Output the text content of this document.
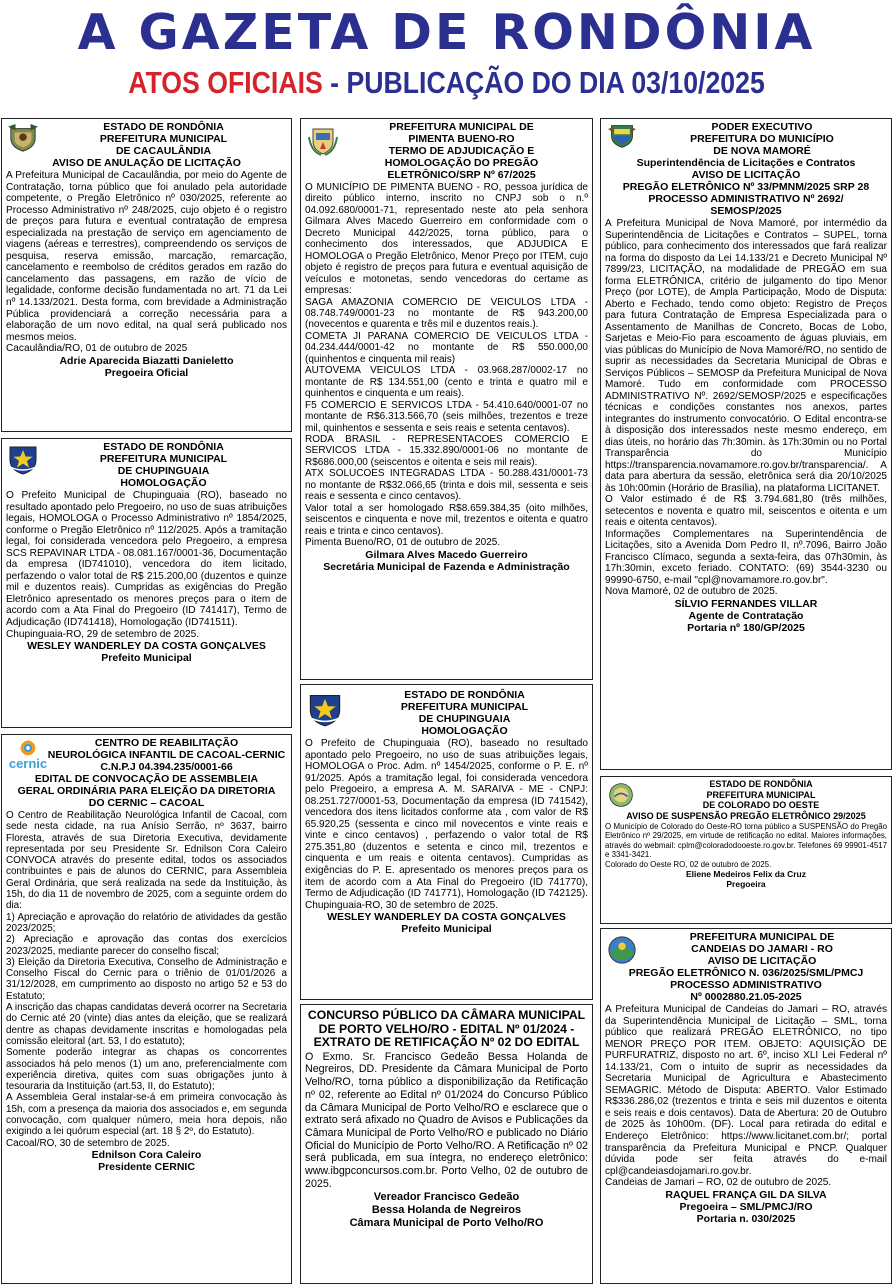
A GAZETA DE RONDÔNIA
ATOS OFICIAIS - PUBLICAÇÃO DO DIA 03/10/2025
ESTADO DE RONDÔNIA
PREFEITURA MUNICIPAL
DE CACAULÂNDIA
AVISO DE ANULAÇÃO DE LICITAÇÃO

A Prefeitura Municipal de Cacaulândia, por meio do Agente de Contratação, torna público que foi anulado pela autoridade competente, o Pregão Eletrônico nº 030/2025, referente ao Processo Administrativo nº 248/2025, cujo objeto é o registro de preços para futura e eventual contratação de empresa especializada na prestação de serviço em agenciamento de viagens (aéreas e terrestres), compreendendo os serviços de pesquisa, reserva emissão, marcação, remarcação, cancelamento e reembolso de créditos gerados em razão do cancelamento das passagens, em razão de vício de legalidade, conforme decisão fundamentada no art. 71 da Lei nº 14.133/2021. Desta forma, com brevidade a Administração Pública providenciará a correção necessária para a elaboração de um novo edital, na qual será publicado nos mesmos meios.

Cacaulândia/RO, 01 de outubro de 2025

Adrie Aparecida Biazatti Danieletto
Pregoeira Oficial
ESTADO DE RONDÔNIA
PREFEITURA MUNICIPAL
DE CHUPINGUAIA
HOMOLOGAÇÃO

O Prefeito Municipal de Chupinguaia (RO), baseado no resultado apontado pelo Pregoeiro, no uso de suas atribuições legais, HOMOLOGA o Processo Administrativo nº 1854/2025, conforme o Pregão Eletrônico nº 112/2025. Após a tramitação legal, foi considerada vencedora pelo Pregoeiro, a empresa SCS REPAVINAR LTDA - 08.081.167/0001-36, Documentação da empresa (ID741010), vencedora do item licitado, perfazendo o valor total de R$ 215.200,00 (duzentos e quinze mil e duzentos reais). Cumpridas as exigências do Pregão Eletrônico apresentado os menores preços para o item de acordo com a Ata Final do Pregoeiro (ID 741417), Termo de Adjudicação (ID741418), Homologação (ID741511).

Chupinguaia-RO, 29 de setembro de 2025.

WESLEY WANDERLEY DA COSTA GONÇALVES
Prefeito Municipal
cernic
CENTRO DE REABILITAÇÃO
NEUROLÓGICA INFANTIL DE CACOAL-CERNIC
C.N.P.J 04.394.235/0001-66
EDITAL DE CONVOCAÇÃO DE ASSEMBLEIA
GERAL ORDINÁRIA PARA ELEIÇÃO DA DIRETORIA
DO CERNIC – CACOAL

O Centro de Reabilitação Neurológica Infantil de Cacoal, com sede nesta cidade, na rua Anísio Serrão, nº 3637, bairro Floresta, através de sua Diretoria Executiva, devidamente representada por seu Presidente Sr. Ednilson Cora Caleiro CONVOCA através do presente edital, todos os associados contribuintes e pais de alunos do CERNIC, para Assembleia Geral Ordinária, que será realizada na sede da Instituição, às 15h, do dia 11 de novembro de 2025, com a seguinte ordem do dia:

1) Apreciação e aprovação do relatório de atividades da gestão 2023/2025;

2) Apreciação e aprovação das contas dos exercícios 2023/2025, mediante parecer do conselho fiscal;

3) Eleição da Diretoria Executiva, Conselho de Administração e Conselho Fiscal do Cernic para o triênio de 01/01/2026 a 31/12/2028, em cumprimento ao disposto no artigo 52 e 53 do Estatuto;

A inscrição das chapas candidatas deverá ocorrer na Secretaria do Cernic até 20 (vinte) dias antes da eleição, que se realizará dentre as chapas devidamente inscritas e homologadas pela comissão eleitoral (art. 53, I do estatuto);

Somente poderão integrar as chapas os concorrentes associados há pelo menos (1) um ano, preferencialmente com experiência diretiva, quites com suas obrigações junto à tesouraria da Instituição (art.53, II, do Estatuto);

A Assembleia Geral instalar-se-á em primeira convocação às 15h, com a presença da maioria dos associados e, em segunda convocação, com qualquer número, meia hora depois, não exigindo a lei quórum especial (art. 18 § 2º, do Estatuto).

Cacoal/RO, 30 de setembro de 2025.

Ednilson Cora Caleiro
Presidente CERNIC
PREFEITURA MUNICIPAL DE
PIMENTA BUENO-RO
TERMO DE ADJUDICAÇÃO E
HOMOLOGAÇÃO DO PREGÃO
ELETRÔNICO/SRP Nº 67/2025

O MUNICÍPIO DE PIMENTA BUENO - RO, pessoa jurídica de direito público interno, inscrito no CNPJ sob o n.º 04.092.680/0001-71, representado neste ato pela senhora Gilmara Alves Macedo Guerreiro em conformidade com o Decreto Municipal 442/2025, torna público, para o conhecimento dos interessados, que ADJUDICA E HOMOLOGA o Pregão Eletrônico, Menor Preço por ITEM, cujo objeto é registro de preços para futura e eventual aquisição de veículos e motonetas, sendo vencedoras do certame as empresas:

SAGA AMAZONIA COMERCIO DE VEICULOS LTDA - 08.748.749/0001-23 no montante de R$ 943.200,00 (novecentos e quarenta e três mil e duzentos reais.).

COMETA JI PARANA COMERCIO DE VEICULOS LTDA - 04.234.444/0001-42 no montante de R$ 550.000,00 (quinhentos e cinquenta mil reais)

AUTOVEMA VEICULOS LTDA - 03.968.287/0002-17 no montante de R$ 134.551,00 (cento e trinta e quatro mil e quinhentos e cinquenta e um reais).

F5 COMERCIO E SERVICOS LTDA - 54.410.640/0001-07 no montante de R$6.313.566,70 (seis milhões, trezentos e treze mil, quinhentos e sessenta e seis reais e setenta centavos).

RODA BRASIL - REPRESENTACOES COMERCIO E SERVICOS LTDA - 15.332.890/0001-06 no montante de R$686.000,00 (seiscentos e oitenta e seis mil reais).

ATX SOLUCOES INTEGRADAS LTDA - 50.288.431/0001-73 no montante de R$32.066,65 (trinta e dois mil, sessenta e seis reais e sessenta e cinco centavos).

Valor total a ser homologado R$8.659.384,35 (oito milhões, seiscentos e cinquenta e nove mil, trezentos e oitenta e quatro reais e trinta e cinco centavos).

Pimenta Bueno/RO, 01 de outubro de 2025.

Gilmara Alves Macedo Guerreiro
Secretária Municipal de Fazenda e Administração
ESTADO DE RONDÔNIA
PREFEITURA MUNICIPAL
DE CHUPINGUAIA
HOMOLOGAÇÃO

O Prefeito de Chupinguaia (RO), baseado no resultado apontado pelo Pregoeiro, no uso de suas atribuições legais, HOMOLOGA o Proc. Adm. nº 1454/2025, conforme o P. E. nº 91/2025. Após a tramitação legal, foi considerada vencedora pelo Pregoeiro, a empresa A. M. SARAIVA - ME - CNPJ: 08.251.727/0001-53, Documentação da empresa (ID 741542), vencedora dos itens licitados conforme ata , com valor de R$ 65.920,25 (sessenta e cinco mil novecentos e vinte reais e vinte e cinco centavos) , perfazendo o valor total de R$ 275.351,80 (duzentos e setenta e cinco mil, trezentos e cinquenta e um reais e oitenta centavos). Cumpridas as exigências do P. E. apresentado os menores preços para os item de acordo com a Ata Final do Pregoeiro (ID 741770), Termo de Adjudicação (ID 741771), Homologação (ID 742125). Chupinguaia-RO, 30 de setembro de 2025.

WESLEY WANDERLEY DA COSTA GONÇALVES
Prefeito Municipal
CONCURSO PÚBLICO DA CÂMARA MUNICIPAL
DE PORTO VELHO/RO - EDITAL Nº 01/2024 -
EXTRATO DE RETIFICAÇÃO Nº 02 DO EDITAL

O Exmo. Sr. Francisco Gedeão Bessa Holanda de Negreiros, DD. Presidente da Câmara Municipal de Porto Velho/RO, torna público a disponibilização da Retificação nº 02, referente ao Edital nº 01/2024 do Concurso Público da Câmara Municipal de Porto Velho/RO e esclarece que o extrato será afixado no Quadro de Avisos e Publicações da Câmara Municipal de Porto Velho/RO e publicado no Diário Oficial do Município de Porto Velho/RO. A Retificação nº 02 será publicada, em sua íntegra, no endereço eletrônico: www.ibgpconcursos.com.br. Porto Velho, 02 de outubro de 2025.

Vereador Francisco Gedeão
Bessa Holanda de Negreiros
Câmara Municipal de Porto Velho/RO
PODER EXECUTIVO
PREFEITURA DO MUNICÍPIO
DE NOVA MAMORÉ
Superintendência de Licitações e Contratos
AVISO DE LICITAÇÃO
PREGÃO ELETRÔNICO Nº 33/PMNM/2025 SRP 28
PROCESSO ADMINISTRATIVO Nº 2692/
SEMOSP/2025

A Prefeitura Municipal de Nova Mamoré, por intermédio da Superintendência de Licitações e Contratos – SUPEL, torna público, para conhecimento dos interessados que fará realizar na forma do disposto da Lei 14.133/21 e Decreto Municipal Nº 7899/23, LICITAÇÃO, na modalidade de PREGÃO em sua forma ELETRÔNICA, critério de julgamento do tipo Menor Preço (por LOTE), de Ampla Participação, Modo de Disputa: Aberto e Fechado, tendo como objeto: Registro de Preços para futura Contratação de Empresa Especializada para o Assentamento de Manilhas de Concreto, Bocas de Lobo, Sarjetas e Meio-Fio para escoamento de águas pluviais, em vias públicas do Município de Nova Mamoré/RO, no sentido de suprir as necessidades da Secretaria Municipal de Obras e Serviços Públicos – SEMOSP da Prefeitura Municipal de Nova Mamoré. Tudo em conformidade com PROCESSO ADMINISTRATIVO Nº. 2692/SEMOSP/2025 e especificações técnicas e condições constantes nos anexos, partes integrantes do instrumento convocatório. O Edital encontra-se à disposição dos interessados neste mesmo endereço, em dias úteis, no horário das 7h:30min. às 17h:30min ou no Portal Transparência do Município https://transparencia.novamamore.ro.gov.br/transparencia/. A data para abertura da sessão, eletrônica será dia 20/10/2025 às 10h:00min (Horário de Brasília), na plataforma LICITANET.

O Valor estimado é de R$ 3.794.681,80 (três milhões, setecentos e noventa e quatro mil, seiscentos e oitenta e um reais e oitenta centavos).

Informações Complementares na Superintendência de Licitações, sito a Avenida Dom Pedro II, nº.7096, Bairro João Francisco Clímaco, segunda a sexta-feira, das 07h30min, às 17h:30min, exceto feriado. CONTATO: (69) 3544-3230 ou 99990-6750, e-mail "cpl@novamamore.ro.gov.br".

Nova Mamoré, 02 de outubro de 2025.

SÍLVIO FERNANDES VILLAR
Agente de Contratação
Portaria nº 180/GP/2025
ESTADO DE RONDÔNIA
PREFEITURA MUNICIPAL
DE COLORADO DO OESTE
AVISO DE SUSPENSÃO PREGÃO ELETRÔNICO 29/2025

O Município de Colorado do Oeste-RO torna público a SUSPENSÃO do Pregão Eletrônico nº 29/2025, em virtude de retificação no edital. Maiores informações, através do webmail: cplm@coloradodooeste.ro.gov.br. Telefones 69 99901-4517 e 3341-3421.

Colorado do Oeste RO, 02 de outubro de 2025.

Eliene Medeiros Felix da Cruz
Pregoeira
PREFEITURA MUNICIPAL DE
CANDEIAS DO JAMARI - RO
AVISO DE LICITAÇÃO
PREGÃO ELETRÔNICO N. 036/2025/SML/PMCJ
PROCESSO ADMINISTRATIVO
Nº 0002880.21.05-2025

A Prefeitura Municipal de Candeias do Jamari – RO, através da Superintendência Municipal de Licitação – SML, torna público que realizará PREGÃO ELETRÔNICO, no tipo MENOR PREÇO POR ITEM. OBJETO: AQUISIÇÃO DE PURFURATRIZ, disposto no art. 6º, inciso XLI Lei Federal nº 14.133/21, Com o intuito de suprir as necessidades da Secretaria Municipal de Agricultura e Abastecimento SEMAGRIC. Método de Disputa: ABERTO. Valor Estimado R$336.286,02 (trezentos e trinta e seis mil duzentos e oitenta e seis reais e dois centavos). Data de Abertura: 20 de Outubro de 2025 às 10h00m. (DF). Local para retirada do edital e Endereço Eletrônico: https://www.licitanet.com.br/; portal transparência da Prefeitura Municipal e PNCP. Qualquer dúvida pode ser feita através do e-mail cpl@candeiasdojamari.ro.gov.br.

Candeias de Jamari – RO, 02 de outubro de 2025.

RAQUEL FRANÇA GIL DA SILVA
Pregoeira – SML/PMCJ/RO
Portaria n. 030/2025
